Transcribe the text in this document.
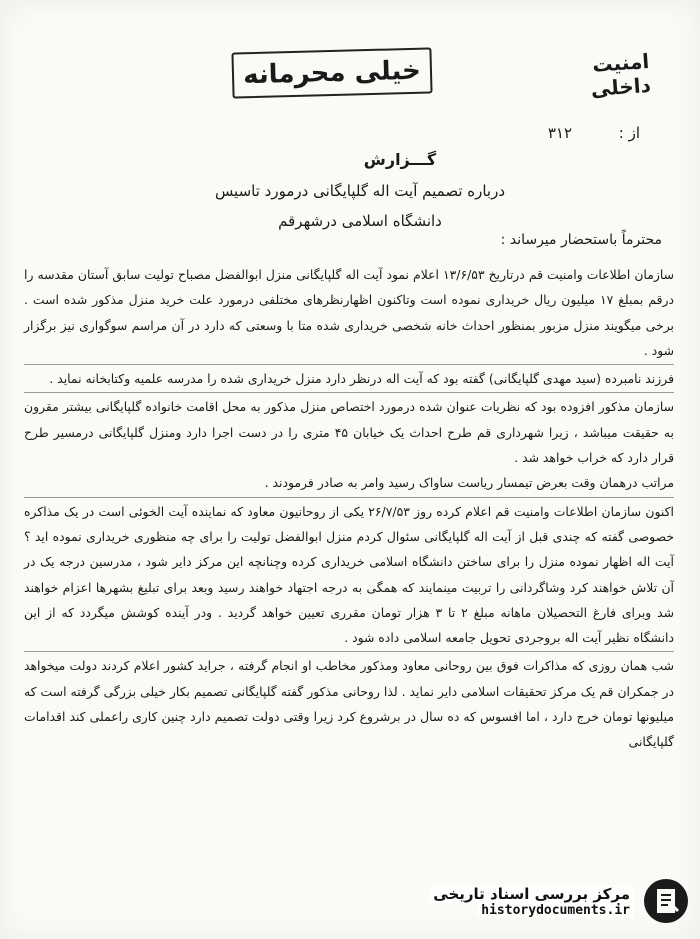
خیلی محرمانه	امنیت داخلی
از :
۳۱۲
گـــزارش
درباره تصمیم آیت اله گلپایگانی درمورد تاسیس
دانشگاه اسلامی درشهرقم
محترماً باستحضار میرساند :

سازمان اطلاعات وامنیت قم درتاریخ ۱۳/۶/۵۳ اعلام نمود آیت اله گلپایگانی منزل ابوالفضل مصباح تولیت سابق آستان مقدسه را درقم بمبلغ ۱۷ میلیون ریال خریداری نموده است وتاکنون اظهارنظرهای مختلفی درمورد علت خرید منزل مذکور شده است . برخی میگویند منزل مزبور بمنظور احداث خانه شخصی خریداری شده متا با وسعتی که دارد در آن مراسم سوگواری نیز برگزار شود .

فرزند نامبرده (سید مهدی گلپایگانی) گفته بود که آیت اله درنظر دارد منزل خریداری شده را مدرسه علمیه وکتابخانه نماید .

سازمان مذکور افزوده بود که نظریات عنوان شده درمورد اختصاص منزل مذکور به محل اقامت خانواده گلپایگانی بیشتر مقرون به حقیقت میباشد ، زیرا شهرداری قم طرح احداث یک خیابان ۴۵ متری را در دست اجرا دارد ومنزل گلپایگانی درمسیر طرح قرار دارد که خراب خواهد شد .

مراتب درهمان وقت بعرض تیمسار ریاست ساواک رسید وامر به صادر فرمودند .

اکنون سازمان اطلاعات وامنیت قم اعلام کرده روز ۲۶/۷/۵۳ یکی از روحانیون معاود که نماینده آیت الخوئی است در یک مذاکره خصوصی گفته که چندی قبل از آیت اله گلپایگانی سئوال کردم منزل ابوالفضل تولیت را برای چه منظوری خریداری نموده اید ؟ آیت اله اظهار نموده منزل را برای ساختن دانشگاه اسلامی خریداری کرده وچنانچه این مرکز دایر شود ، مدرسین درجه یک در آن تلاش خواهند کرد وشاگردانی را تربیت مینمایند که همگی به درجه اجتهاد خواهند رسید وبعد برای تبلیغ بشهرها اعزام خواهند شد وبرای فارغ التحصیلان ماهانه مبلغ ۲ تا ۳ هزار تومان مقرری تعیین خواهد گردید . ودر آینده کوشش میگردد که از این دانشگاه نظیر آیت اله بروجردی تحویل جامعه اسلامی داده شود .

شب همان روزی که مذاکرات فوق بین روحانی معاود ومذکور مخاطب او انجام گرفته ، جراید کشور اعلام کردند دولت میخواهد در جمکران قم یک مرکز تحقیقات اسلامی دایر نماید . لذا روحانی مذکور گفته گلپایگانی تصمیم بکار خیلی بزرگی گرفته است که میلیونها تومان خرج دارد ، اما افسوس که ده سال در برشروع کرد زیرا وقتی دولت تصمیم دارد چنین کاری راعملی کند اقدامات گلپایگانی

مرکز بررسی اسناد تاریخی
historydocuments.ir
